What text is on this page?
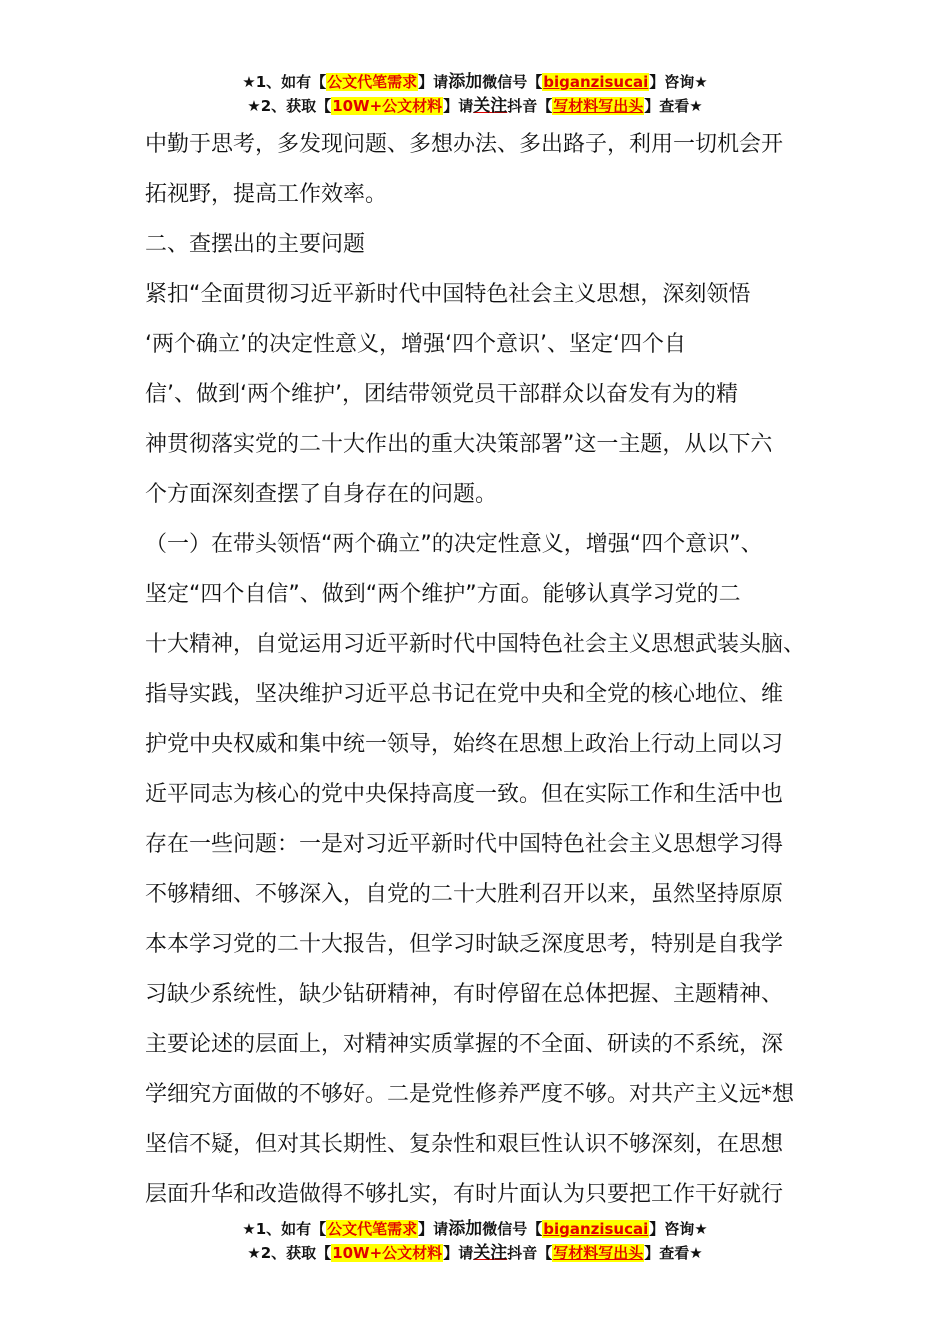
★1、如有【公文代笔需求】请添加微信号【biganzisucai】咨询★
★2、获取【10W+公文材料】请关注抖音【写材料写出头】查看★
中勤于思考，多发现问题、多想办法、多出路子，利用一切机会开
拓视野，提高工作效率。
二、查摆出的主要问题
紧扣“全面贯彻习近平新时代中国特色社会主义思想，深刻领悟
‘两个确立’的决定性意义，增强‘四个意识’、坚定‘四个自
信’、做到‘两个维护’，团结带领党员干部群众以奋发有为的精
神贯彻落实党的二十大作出的重大决策部署”这一主题，从以下六
个方面深刻查摆了自身存在的问题。
（一）在带头领悟“两个确立”的决定性意义，增强“四个意识”、
坚定“四个自信”、做到“两个维护”方面。能够认真学习党的二
十大精神，自觉运用习近平新时代中国特色社会主义思想武装头脑、
指导实践，坚决维护习近平总书记在党中央和全党的核心地位、维
护党中央权威和集中统一领导，始终在思想上政治上行动上同以习
近平同志为核心的党中央保持高度一致。但在实际工作和生活中也
存在一些问题：一是对习近平新时代中国特色社会主义思想学习得
不够精细、不够深入，自党的二十大胜利召开以来，虽然坚持原原
本本学习党的二十大报告，但学习时缺乏深度思考，特别是自我学
习缺少系统性，缺少钻研精神，有时停留在总体把握、主题精神、
主要论述的层面上，对精神实质掌握的不全面、研读的不系统，深
学细究方面做的不够好。二是党性修养严度不够。对共产主义远*想
坚信不疑，但对其长期性、复杂性和艰巨性认识不够深刻，在思想
层面升华和改造做得不够扎实，有时片面认为只要把工作干好就行
★1、如有【公文代笔需求】请添加微信号【biganzisucai】咨询★
★2、获取【10W+公文材料】请关注抖音【写材料写出头】查看★
